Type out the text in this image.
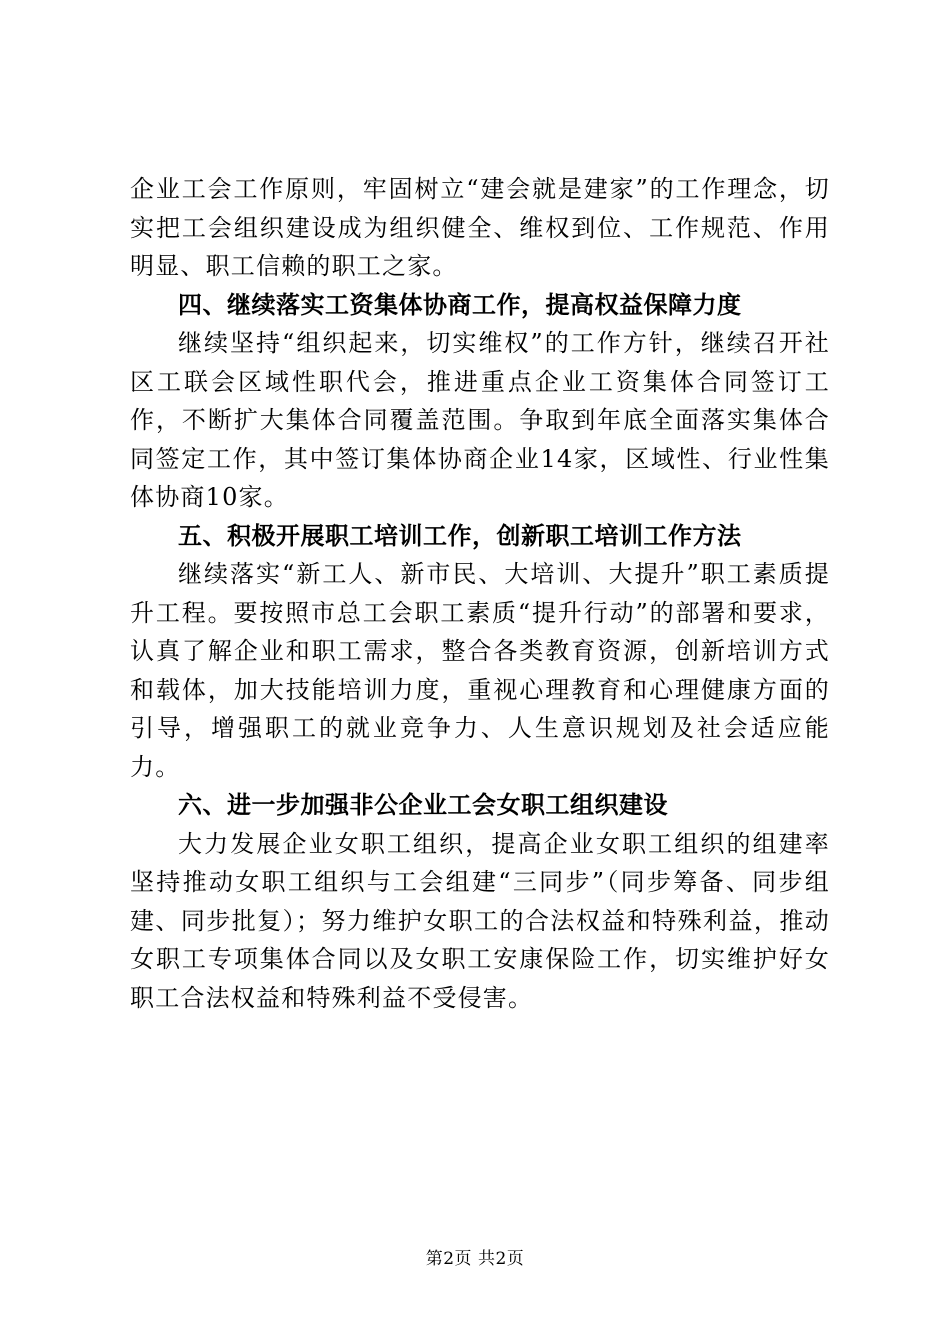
企业工会工作原则，牢固树立“建会就是建家”的工作理念，切实把工会组织建设成为组织健全、维权到位、工作规范、作用明显、职工信赖的职工之家。

四、继续落实工资集体协商工作，提高权益保障力度

继续坚持“组织起来，切实维权”的工作方针，继续召开社区工联会区域性职代会，推进重点企业工资集体合同签订工作，不断扩大集体合同覆盖范围。争取到年底全面落实集体合同签定工作，其中签订集体协商企业14家，区域性、行业性集体协商10家。

五、积极开展职工培训工作，创新职工培训工作方法

继续落实“新工人、新市民、大培训、大提升”职工素质提升工程。要按照市总工会职工素质“提升行动”的部署和要求，认真了解企业和职工需求，整合各类教育资源，创新培训方式和载体，加大技能培训力度，重视心理教育和心理健康方面的引导，增强职工的就业竞争力、人生意识规划及社会适应能力。

六、进一步加强非公企业工会女职工组织建设

大力发展企业女职工组织，提高企业女职工组织的组建率坚持推动女职工组织与工会组建“三同步”（同步筹备、同步组建、同步批复）；努力维护女职工的合法权益和特殊利益，推动女职工专项集体合同以及女职工安康保险工作，切实维护好女职工合法权益和特殊利益不受侵害。

第2页 共2页
